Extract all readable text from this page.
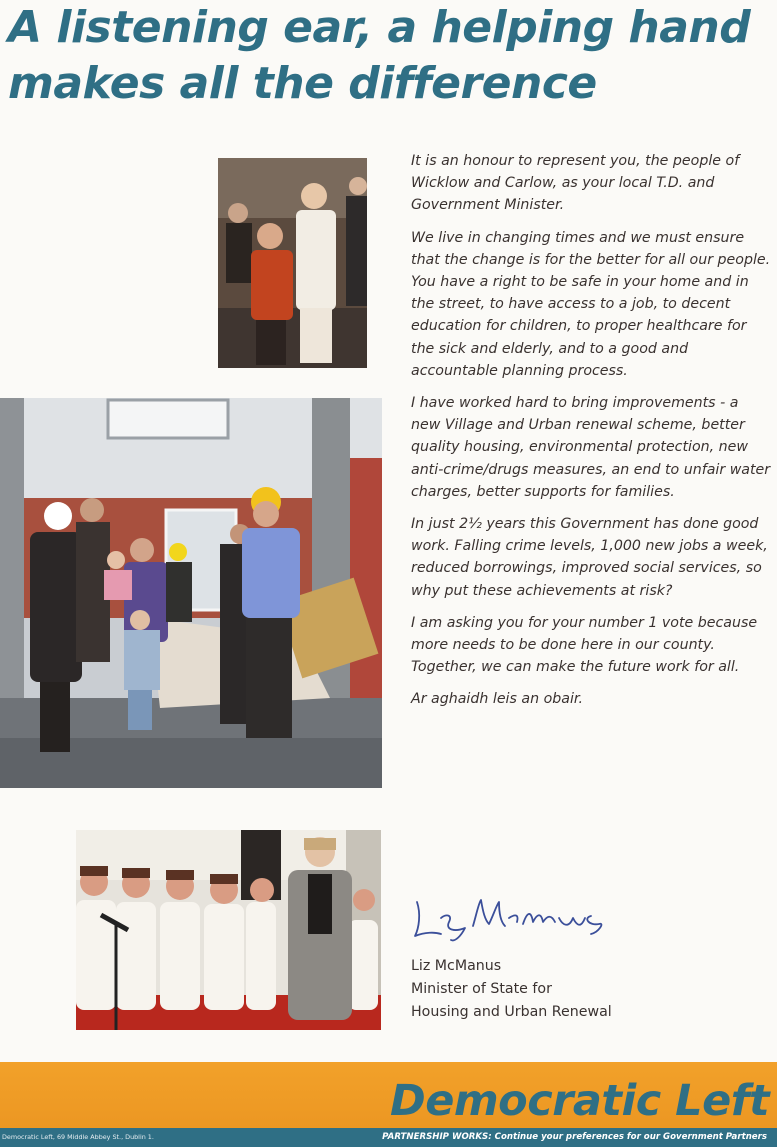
A listening ear, a helping hand
makes all the difference

It is an honour to represent you, the people of Wicklow and Carlow, as your local T.D. and Government Minister.

We live in changing times and we must ensure that the change is for the better for all our people. You have a right to be safe in your home and in the street, to have access to a job, to decent education for children, to proper healthcare for the sick and elderly, and to a good and accountable planning process.

I have worked hard to bring improvements - a new Village and Urban renewal scheme, better quality housing, environmental protection, new anti-crime/drugs measures, an end to unfair water charges, better supports for families.

In just 2½ years this Government has done good work. Falling crime levels, 1,000 new jobs a week, reduced borrowings, improved social services, so why put these achievements at risk?

I am asking you for your number 1 vote because more needs to be done here in our county. Together, we can make the future work for all.

Ar aghaidh leis an obair.

Liz McManus
Minister of State for
Housing and Urban Renewal
Democratic Left
PARTNERSHIP WORKS: Continue your preferences for our Government Partners
Democratic Left, 69 Middle Abbey St., Dublin 1.
